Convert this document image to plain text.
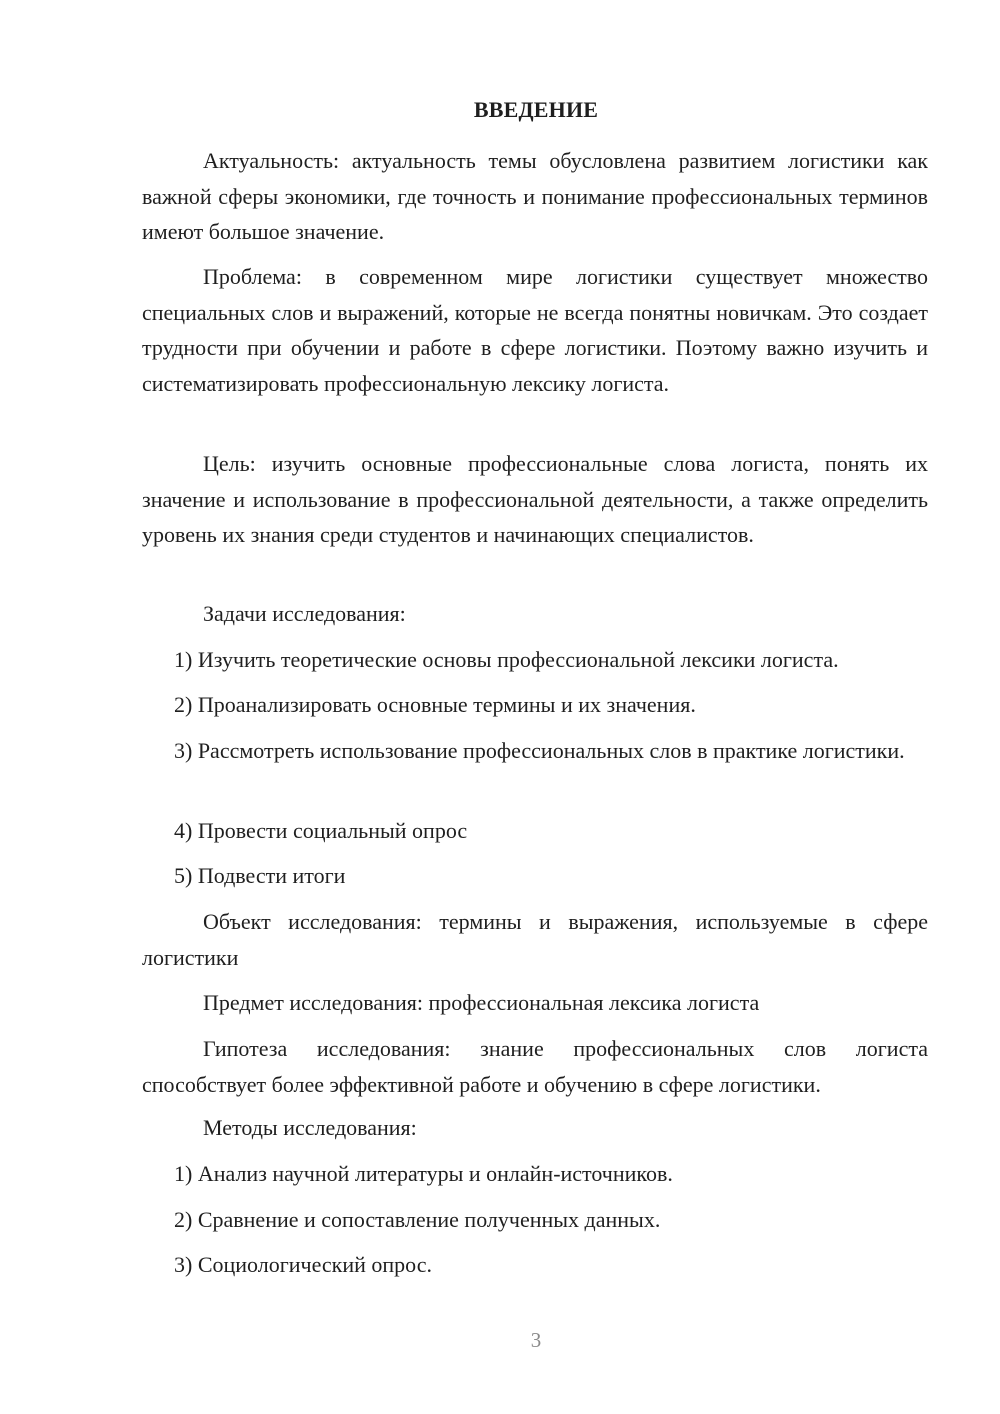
ВВЕДЕНИЕ

Актуальность: актуальность темы обусловлена развитием логистики как важной сферы экономики, где точность и понимание профессиональных терминов имеют большое значение.

Проблема: в современном мире логистики существует множество специальных слов и выражений, которые не всегда понятны новичкам. Это создает трудности при обучении и работе в сфере логистики. Поэтому важно изучить и систематизировать профессиональную лексику логиста.

Цель: изучить основные профессиональные слова логиста, понять их значение и использование в профессиональной деятельности, а также определить уровень их знания среди студентов и начинающих специалистов.

Задачи исследования:

1) Изучить теоретические основы профессиональной лексики логиста.

2) Проанализировать основные термины и их значения.

3) Рассмотреть использование профессиональных слов в практике логистики.

4) Провести социальный опрос

5) Подвести итоги

Объект исследования: термины и выражения, используемые в сфере логистики

Предмет исследования: профессиональная лексика логиста

Гипотеза исследования: знание профессиональных слов логиста способствует более эффективной работе и обучению в сфере логистики.

Методы исследования:

1) Анализ научной литературы и онлайн-источников.

2) Сравнение и сопоставление полученных данных.

3) Социологический опрос.

3
